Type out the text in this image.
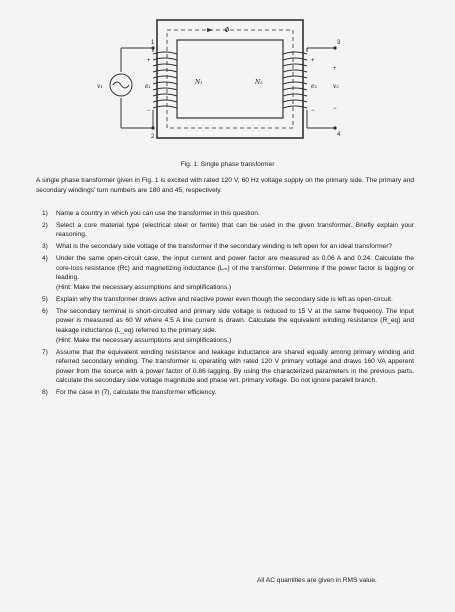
Φ
N₁	N₂
1
2
3
4
+
−
e₁
v₁
+
−
e₂
+
v₂
−
Fig. 1: Single phase transformer

A single phase transformer given in Fig. 1 is excited with rated 120 V, 60 Hz voltage supply on the primary side. The primary and secondary windings' turn numbers are 180 and 45, respectively.

1) Name a country in which you can use the transformer in this question.
2) Select a core material type (electrical steel or ferrite) that can be used in the given transformer. Briefly explain your reasoning.
3) What is the secondary side voltage of the transformer if the secondary winding is left open for an ideal transformer?
4) Under the same open-circuit case, the input current and power factor are measured as 0.06 A and 0.24. Calculate the core-loss resistance (Rᴄ) and magnetizing inductance (Lₘ) of the transformer. Determine if the power factor is lagging or leading.
(Hint: Make the necessary assumptions and simplifications.)
5) Explain why the transformer draws active and reactive power even though the secondary side is left as open-circuit.
6) The secondary terminal is short-circuited and primary side voltage is reduced to 15 V at the same frequency. The input power is measured as 60 W where 4.5 A line current is drawn. Calculate the equivalent winding resistance (R_eq) and leakage inductance (L_eq) referred to the primary side.
(Hint: Make the necessary assumptions and simplifications.)
7) Assume that the equivalent winding resistance and leakage inductance are shared equally among primary winding and referred secondary winding. The transformer is operating with rated 120 V primary voltage and draws 160 VA apperent power from the source with a power factor of 0.86 lagging. By using the characterized parameters in the previous parts, calculate the secondary side voltage magnitude and phase wrt. primary voltage. Do not ignore paralell branch.
8) For the case in (7), calculate the transformer efficiency.
All AC quantities are given in RMS value.
